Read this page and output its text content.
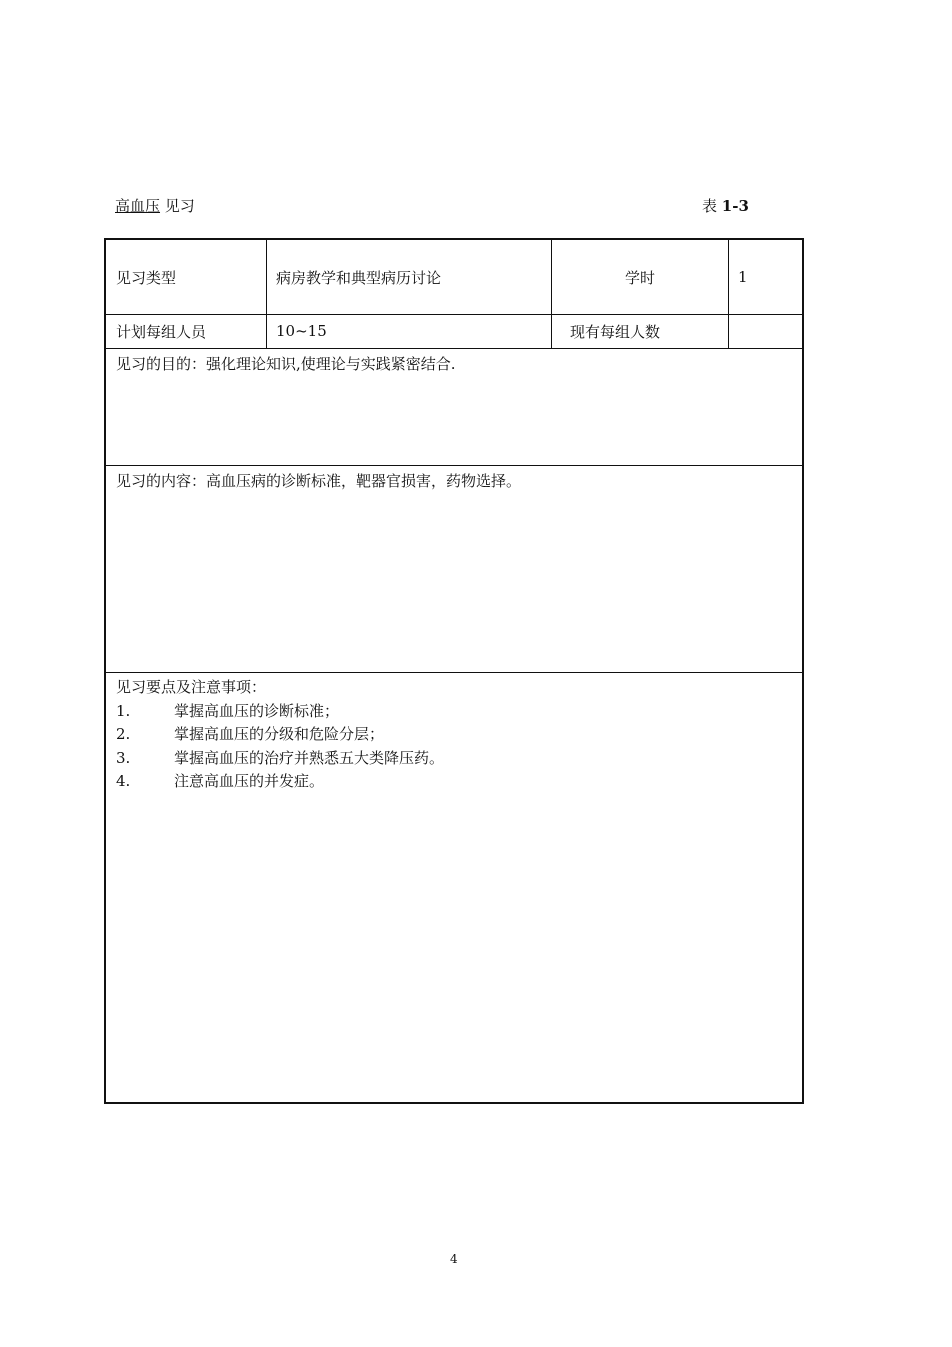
高血压 见习	表 1-3
见习类型	病房教学和典型病历讨论	学时	1
计划每组人员	10~15	现有每组人数
见习的目的：强化理论知识,使理论与实践紧密结合.
见习的内容：高血压病的诊断标准，靶器官损害，药物选择。
见习要点及注意事项：
1.	掌握高血压的诊断标准；
2.	掌握高血压的分级和危险分层；
3.	掌握高血压的治疗并熟悉五大类降压药。
4.	注意高血压的并发症。
4
